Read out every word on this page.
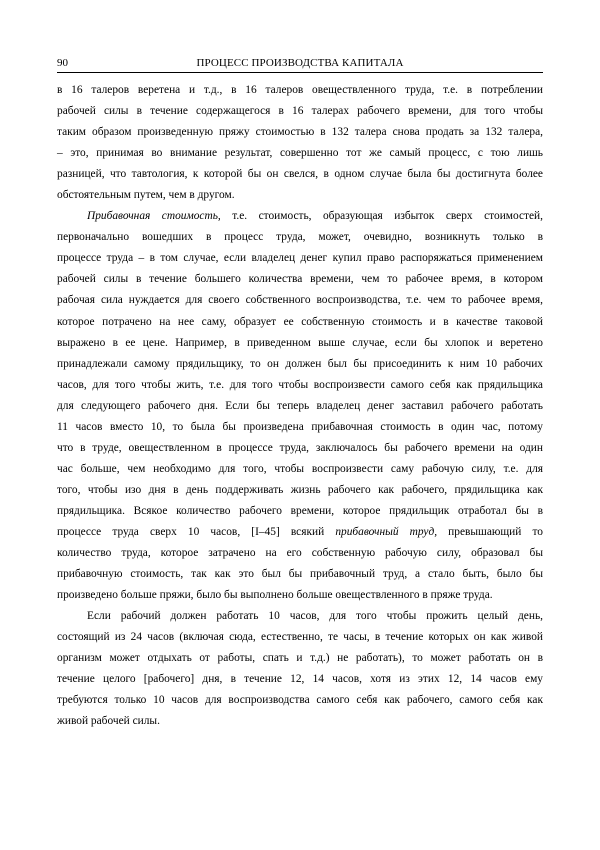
90	ПРОЦЕСС ПРОИЗВОДСТВА КАПИТАЛА
в 16 талеров веретена и т.д., в 16 талеров овеществленного труда, т.е. в потреблении
рабочей силы в течение содержащегося в 16 талерах рабочего времени, для того чтобы
таким образом произведенную пряжу стоимостью в 132 талера снова продать за 132 талера,
– это, принимая во внимание результат, совершенно тот же самый процесс, с тою лишь
разницей, что тавтология, к которой бы он свелся, в одном случае была бы достигнута более
обстоятельным путем, чем в другом.
Прибавочная стоимость, т.е. стоимость, образующая избыток сверх стоимостей,
первоначально вошедших в процесс труда, может, очевидно, возникнуть только в
процессе труда – в том случае, если владелец денег купил право распоряжаться применением
рабочей силы в течение большего количества времени, чем то рабочее время, в котором
рабочая сила нуждается для своего собственного воспроизводства, т.е. чем то рабочее время,
которое потрачено на нее саму, образует ее собственную стоимость и в качестве таковой
выражено в ее цене. Например, в приведенном выше случае, если бы хлопок и веретено
принадлежали самому прядильщику, то он должен был бы присоединить к ним 10 рабочих
часов, для того чтобы жить, т.е. для того чтобы воспроизвести самого себя как прядильщика
для следующего рабочего дня. Если бы теперь владелец денег заставил рабочего работать
11 часов вместо 10, то была бы произведена прибавочная стоимость в один час, потому
что в труде, овеществленном в процессе труда, заключалось бы рабочего времени на один
час больше, чем необходимо для того, чтобы воспроизвести саму рабочую силу, т.е. для
того, чтобы изо дня в день поддерживать жизнь рабочего как рабочего, прядильщика как
прядильщика. Всякое количество рабочего времени, которое прядильщик отработал бы в
процессе труда сверх 10 часов, [I–45] всякий прибавочный труд, превышающий то
количество труда, которое затрачено на его собственную рабочую силу, образовал бы
прибавочную стоимость, так как это был бы прибавочный труд, а стало быть, было бы
произведено больше пряжи, было бы выполнено больше овеществленного в пряже труда.
Если рабочий должен работать 10 часов, для того чтобы прожить целый день,
состоящий из 24 часов (включая сюда, естественно, те часы, в течение которых он как живой
организм может отдыхать от работы, спать и т.д.) не работать), то может работать он в
течение целого [рабочего] дня, в течение 12, 14 часов, хотя из этих 12, 14 часов ему
требуются только 10 часов для воспроизводства самого себя как рабочего, самого себя как
живой рабочей силы.
